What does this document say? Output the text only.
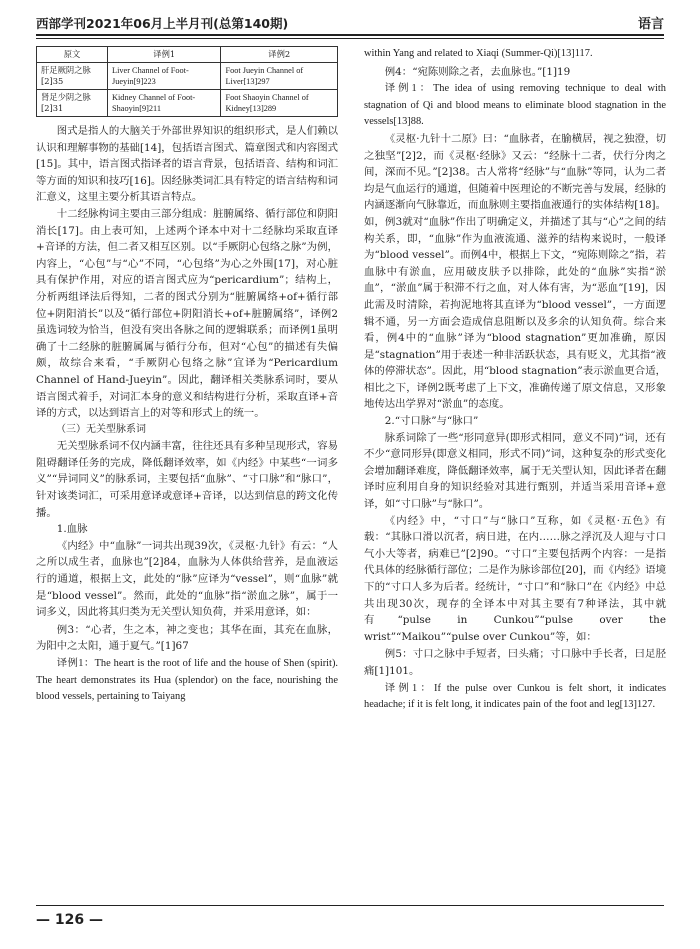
西部学刊2021年06月上半月刊(总第140期)	语言
原文	译例1	译例2
肝足厥阴之脉[2]35	Liver Channel of Foot-Jueyin[9]223	Foot Jueyin Channel of Liver[13]297
肾足少阴之脉[2]31	Kidney Channel of Foot-Shaoyin[9]211	Foot Shaoyin Channel of Kidney[13]289

图式是指人的大脑关于外部世界知识的组织形式，是人们赖以认识和理解事物的基础[14]，包括语言图式、篇章图式和内容图式[15]。其中，语言图式指译者的语言背景，包括语音、结构和词汇等方面的知识和技巧[16]。因经脉类词汇具有特定的语言结构和词汇意义，这里主要分析其语言特点。

十二经脉构词主要由三部分组成：脏腑属络、循行部位和阴阳消长[17]。由上表可知，上述两个译本中对十二经脉均采取直译+音译的方法，但二者又相互区别。以“手厥阴心包络之脉”为例，内容上，“心包”与“心”不同，“心包络”为心之外围[17]，对心脏具有保护作用，对应的语言图式应为“pericardium”；结构上，分析两组译法后得知，二者的图式分别为“脏腑属络+of+循行部位+阴阳消长”以及“循行部位+阴阳消长+of+脏腑属络”，译例2虽选词较为恰当，但没有突出各脉之间的逻辑联系；而译例1虽明确了十二经脉的脏腑属属与循行分布，但对“心包”的描述有失偏颇，故综合来看，“手厥阴心包络之脉”宜译为“Pericardium Channel of Hand-Jueyin”。因此，翻译相关类脉系词时，要从语言图式着手，对词汇本身的意义和结构进行分析，采取直译+音译的方式，以达到语言上的对等和形式上的统一。

（三）无关型脉系词

无关型脉系词不仅内涵丰富，往往还具有多种呈现形式，容易阻碍翻译任务的完成，降低翻译效率，如《内经》中某些“一词多义”“异词同义”的脉系词，主要包括“血脉”、“寸口脉”和“脉口”，针对该类词汇，可采用意译或意译+音译，以达到信息的跨文化传播。

1.血脉

《内经》中“血脉”一词共出现39次，《灵枢·九针》有云：“人之所以成生者，血脉也”[2]84，血脉为人体供给营养，是血液运行的通道，根据上文，此处的“脉”应译为“vessel”，则“血脉”就是“blood vessel”。然而，此处的“血脉”指“淤血之脉”，属于一词多义，因此将其归类为无关型认知负荷，并采用意译，如：

例3：“心者，生之本，神之变也；其华在面，其充在血脉，为阳中之太阳，通于夏气。”[1]67

译例1：The heart is the root of life and the house of Shen (spirit). The heart demonstrates its Hua (splendor) on the face, nourishing the blood vessels, pertaining to Taiyang

within Yang and related to Xiaqi (Summer-Qi)[13]117.

例4：“宛陈则除之者，去血脉也。”[1]19

译例1：The idea of using removing technique to deal with stagnation of Qi and blood means to eliminate blood stagnation in the vessels[13]88.

《灵枢·九针十二原》曰：“血脉者，在腧横居，视之独澄，切之独坚”[2]2，而《灵枢·经脉》又云：“经脉十二者，伏行分肉之间，深而不见。”[2]38。古人常将“经脉”与“血脉”等同，认为二者均是气血运行的通道，但随着中医理论的不断完善与发展，经脉的内涵逐渐向气脉靠近，而血脉则主要指血液通行的实体结构[18]。如，例3就对“血脉”作出了明确定义，并描述了其与“心”之间的结构关系，即，“血脉”作为血液流通、滋养的结构来说时，一般译为“blood vessel”。而例4中，根据上下文，“宛陈则除之”指，若血脉中有淤血，应用破皮肤予以排除，此处的“血脉”实指“淤血”，“淤血”属于积滞不行之血，对人体有害，为“恶血”[19]，因此需及时清除，若拘泥地将其直译为“blood vessel”，一方面逻辑不通，另一方面会造成信息阻断以及多余的认知负荷。综合来看，例4中的“血脉”译为“blood stagnation”更加准确，原因是“stagnation”用于表述一种非活跃状态，具有贬义，尤其指“液体的停滞状态”。因此，用“blood stagnation”表示淤血更合适，相比之下，译例2既考虑了上下文，准确传递了原文信息，又形象地传达出学界对“淤血”的态度。

2.“寸口脉”与“脉口”

脉系词除了一些“形同意异(即形式相同，意义不同)”词，还有不少“意同形异(即意义相同，形式不同)”词，这种复杂的形式变化会增加翻译难度，降低翻译效率，属于无关型认知，因此译者在翻译时应利用自身的知识经验对其进行甄别，并适当采用音译+意译，如“寸口脉”与“脉口”。

《内经》中，“寸口”与“脉口”互称，如《灵枢·五色》有载：“其脉口滑以沉者，病日进，在内……脉之浮沉及人迎与寸口气小大等者，病难已”[2]90。“寸口”主要包括两个内容：一是指代具体的经脉循行部位；二是作为脉诊部位[20]，而《内经》语境下的“寸口人多为后者。经统计，“寸口”和“脉口”在《内经》中总共出现30次，现存的全译本中对其主要有7种译法，其中就有“pulse in Cunkou”“pulse over the wrist”“Maikou”“pulse over Cunkou”等，如：

例5：寸口之脉中手短者，曰头痛；寸口脉中手长者，曰足胫痛[1]101。

译例1：If the pulse over Cunkou is felt short, it indicates headache; if it is felt long, it indicates pain of the foot and leg[13]127.

— 126 —
